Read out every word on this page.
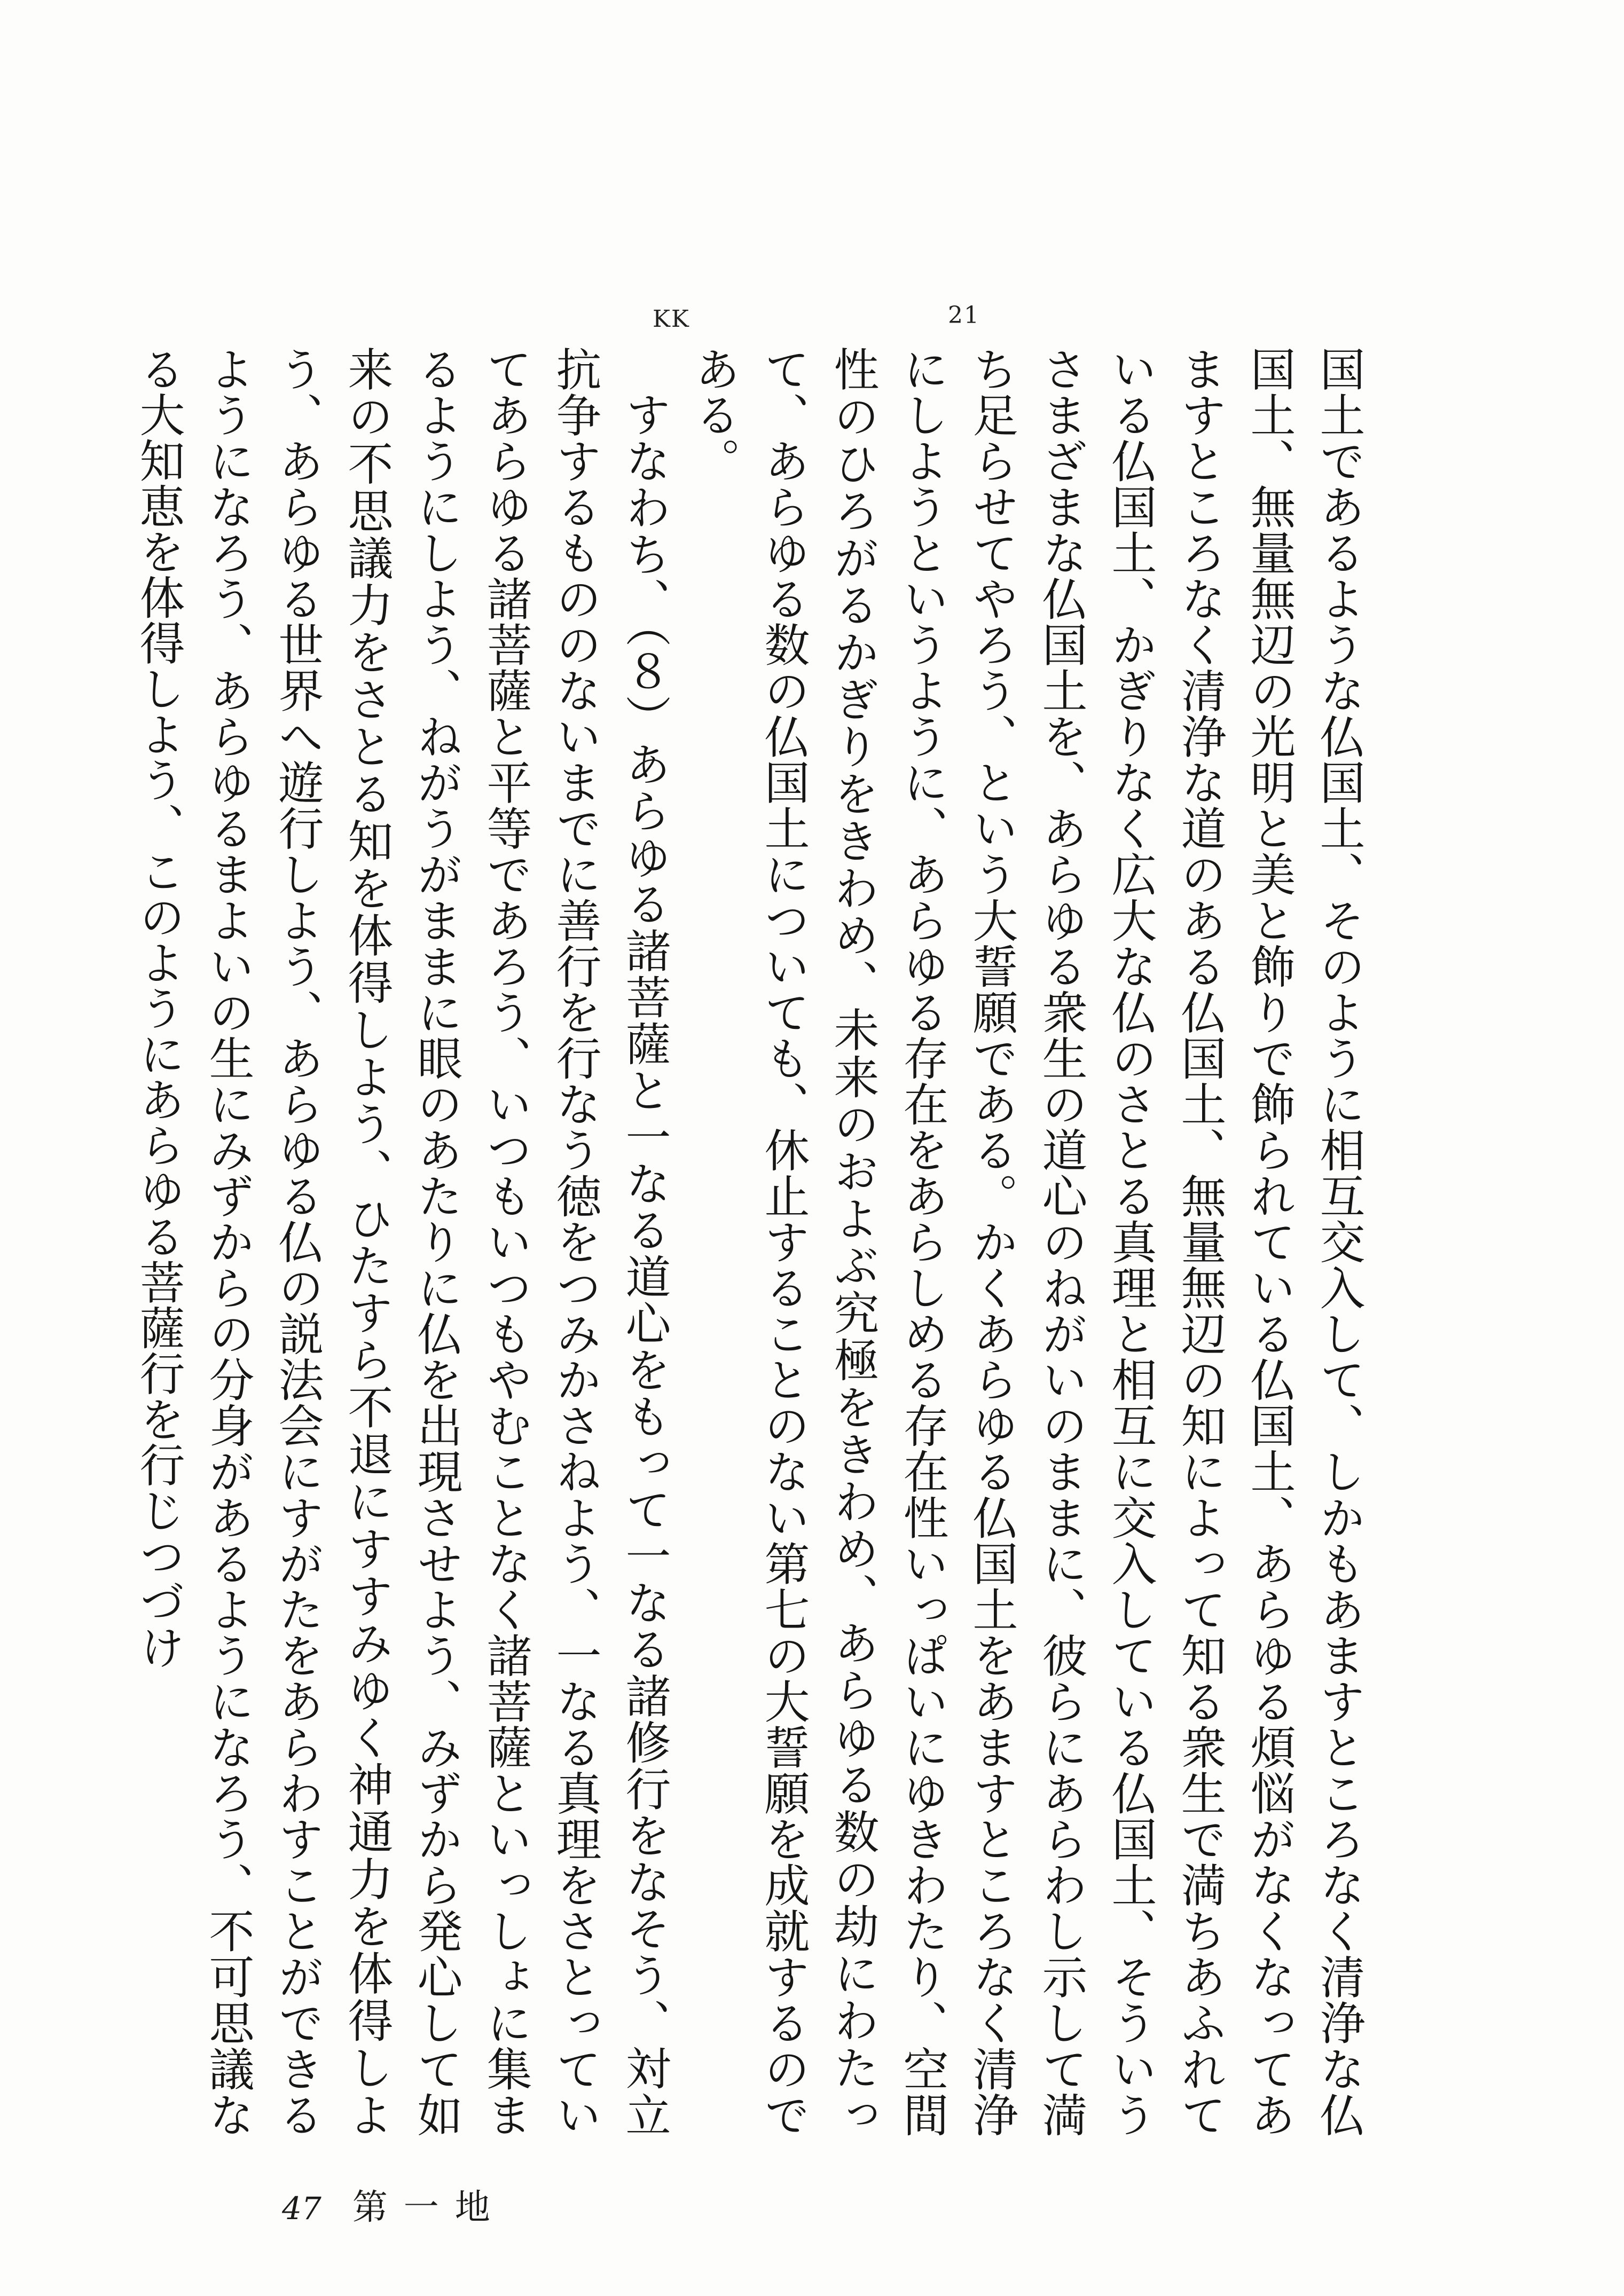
KK	21

国土であるような仏国土、そのように相互交入して、しかもあますところなく清浄な仏国土、無量無辺の光明と美と飾りで飾られている仏国土、あらゆる煩悩がなくなってあますところなく清浄な道のある仏国土、無量無辺の知によって知る衆生で満ちあふれている仏国土、かぎりなく広大な仏のさとる真理と相互に交入している仏国土、そういうさまざまな仏国土を、あらゆる衆生の道心のねがいのままに、彼らにあらわし示して満ち足らせてやろう、という大誓願である。かくあらゆる仏国土をあますところなく清浄にしようというように、あらゆる存在をあらしめる存在性いっぱいにゆきわたり、空間性のひろがるかぎりをきわめ、未来のおよぶ究極をきわめ、あらゆる数の劫にわたって、あらゆる数の仏国土についても、休止することのない第七の大誓願を成就するのである。

すなわち、（８）あらゆる諸菩薩と一なる道心をもって一なる諸修行をなそう、対立抗争するもののないまでに善行を行なう徳をつみかさねよう、一なる真理をさとっていてあらゆる諸菩薩と平等であろう、いつもいつもやむことなく諸菩薩といっしょに集まるようにしよう、ねがうがままに眼のあたりに仏を出現させよう、みずから発心して如来の不思議力をさとる知を体得しよう、ひたすら不退にすすみゆく神通力を体得しよう、あらゆる世界へ遊行しよう、あらゆる仏の説法会にすがたをあらわすことができるようになろう、あらゆるまよいの生にみずからの分身があるようになろう、不可思議なる大知恵を体得しよう、このようにあらゆる菩薩行を行じつづけ

47 第一地
